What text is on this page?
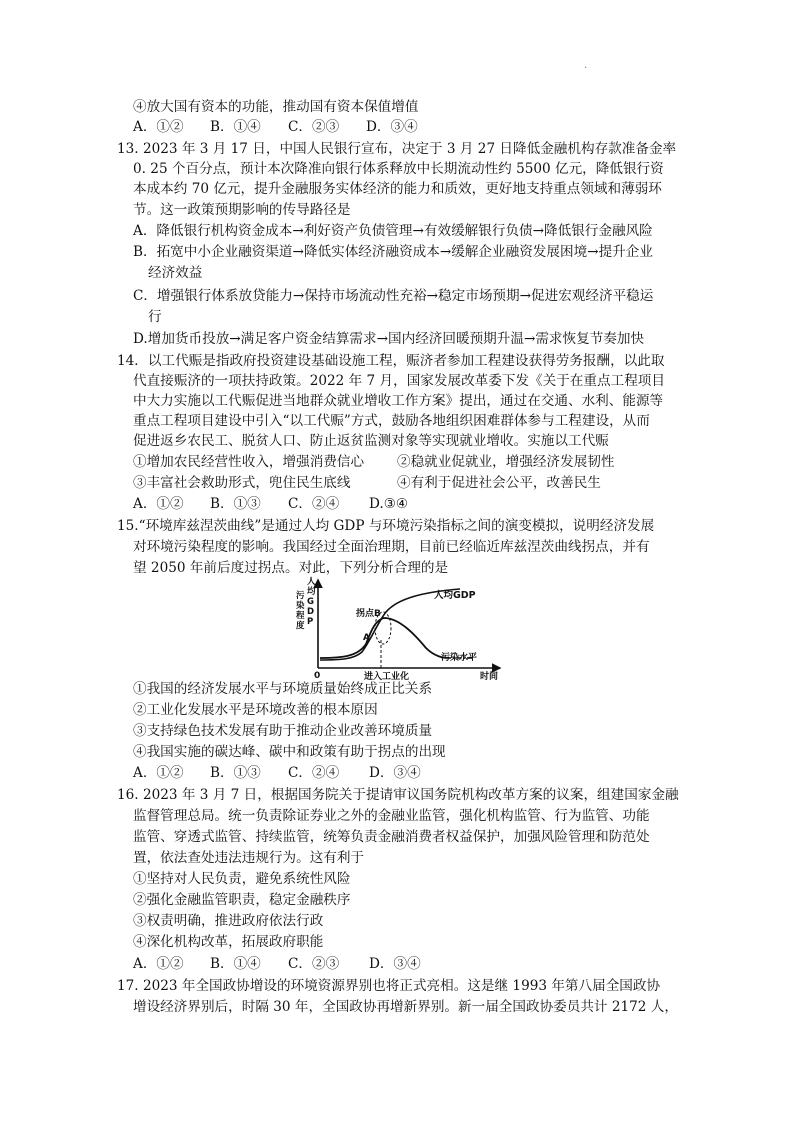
.
④放大国有资本的功能，推动国有资本保值增值
A．①② B．①④ C．②③ D．③④
13. 2023 年 3 月 17 日，中国人民银行宣布，决定于 3 月 27 日降低金融机构存款准备金率
0. 25 个百分点，预计本次降准向银行体系释放中长期流动性约 5500 亿元，降低银行资
本成本约 70 亿元，提升金融服务实体经济的能力和质效，更好地支持重点领域和薄弱环
节。这一政策预期影响的传导路径是
A．降低银行机构资金成本→利好资产负债管理→有效缓解银行负债→降低银行金融风险
B．拓宽中小企业融资渠道→降低实体经济融资成本→缓解企业融资发展困境→提升企业
经济效益
C．增强银行体系放贷能力→保持市场流动性充裕→稳定市场预期→促进宏观经济平稳运
行
D.增加货币投放→满足客户资金结算需求→国内经济回暖预期升温→需求恢复节奏加快
14．以工代赈是指政府投资建设基础设施工程，赈济者参加工程建设获得劳务报酬，以此取
代直接赈济的一项扶持政策。2022 年 7 月，国家发展改革委下发《关于在重点工程项目
中大力实施以工代赈促进当地群众就业增收工作方案》提出，通过在交通、水利、能源等
重点工程项目建设中引入“以工代赈”方式，鼓励各地组织困难群体参与工程建设，从而
促进返乡农民工、脱贫人口、防止返贫监测对象等实现就业增收。实施以工代赈
①增加农民经营性收入，增强消费信心 ②稳就业促就业，增强经济发展韧性
③丰富社会救助形式，兜住民生底线	④有利于促进社会公平，改善民生
A．①② B．①③ C．②④ D.③④
15.“环境库兹涅茨曲线”是通过人均 GDP 与环境污染指标之间的演变模拟，说明经济发展
对环境污染程度的影响。我国经过全面治理期，目前已经临近库兹涅茨曲线拐点，并有
望 2050 年前后度过拐点。对此，下列分析合理的是
人均 G D P
污染程度
0	时间
进入工业化
A
拐点B
人均GDP
污染水平
①我国的经济发展水平与环境质量始终成正比关系
②工业化发展水平是环境改善的根本原因
③支持绿色技术发展有助于推动企业改善环境质量
④我国实施的碳达峰、碳中和政策有助于拐点的出现
A．①② B．①③ C．②④ D．③④
16. 2023 年 3 月 7 日，根据国务院关于提请审议国务院机构改革方案的议案，组建国家金融
监督管理总局。统一负责除证券业之外的金融业监管，强化机构监管、行为监管、功能
监管、穿透式监管、持续监管，统筹负责金融消费者权益保护，加强风险管理和防范处
置，依法查处违法违规行为。这有利于
①坚持对人民负责，避免系统性风险
②强化金融监管职责，稳定金融秩序
③权责明确，推进政府依法行政
④深化机构改革，拓展政府职能
A．①② B．①④ C．②③ D．③④
17. 2023 年全国政协增设的环境资源界别也将正式亮相。这是继 1993 年第八届全国政协
增设经济界别后，时隔 30 年，全国政协再增新界别。新一届全国政协委员共计 2172 人，
